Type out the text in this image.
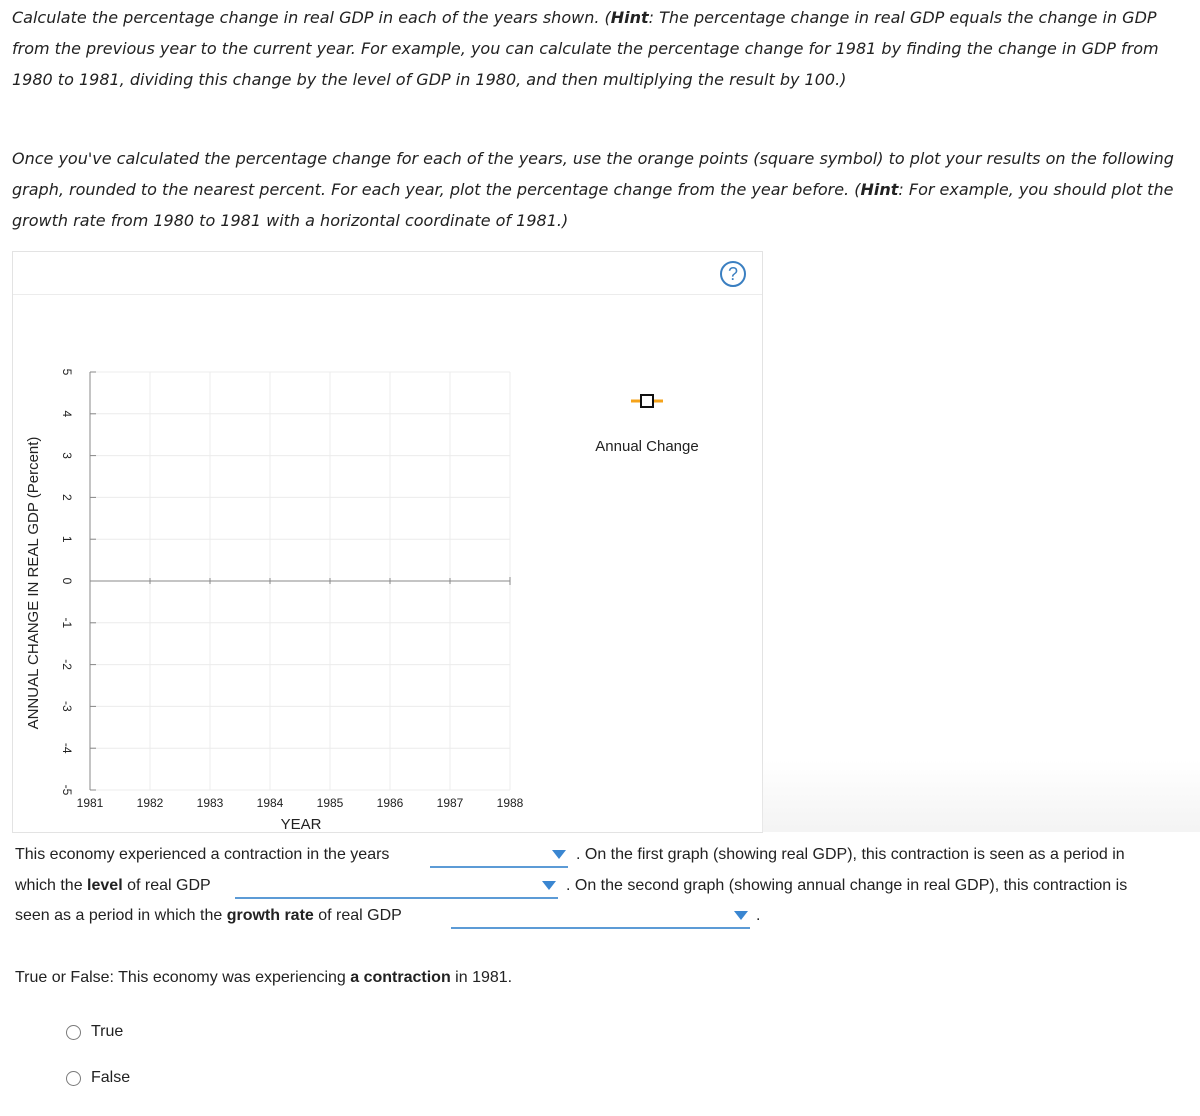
Calculate the percentage change in real GDP in each of the years shown. (Hint: The percentage change in real GDP equals the change in GDP from the previous year to the current year. For example, you can calculate the percentage change for 1981 by finding the change in GDP from 1980 to 1981, dividing this change by the level of GDP in 1980, and then multiplying the result by 100.)
Once you've calculated the percentage change for each of the years, use the orange points (square symbol) to plot your results on the following graph, rounded to the nearest percent. For each year, plot the percentage change from the year before. (Hint: For example, you should plot the growth rate from 1980 to 1981 with a horizontal coordinate of 1981.)
?
5
4
3
2
1
0
-1
-2
-3
-4
-5
1981	1982	1983	1984	1985	1986	1987	1988
YEAR
ANNUAL CHANGE IN REAL GDP (Percent)	Annual Change
This economy experienced a contraction in the years	. On the first graph (showing real GDP), this contraction is seen as a period in
which the level of real GDP	. On the second graph (showing annual change in real GDP), this contraction is
seen as a period in which the growth rate of real GDP	.
True or False: This economy was experiencing a contraction in 1981.
True
False
